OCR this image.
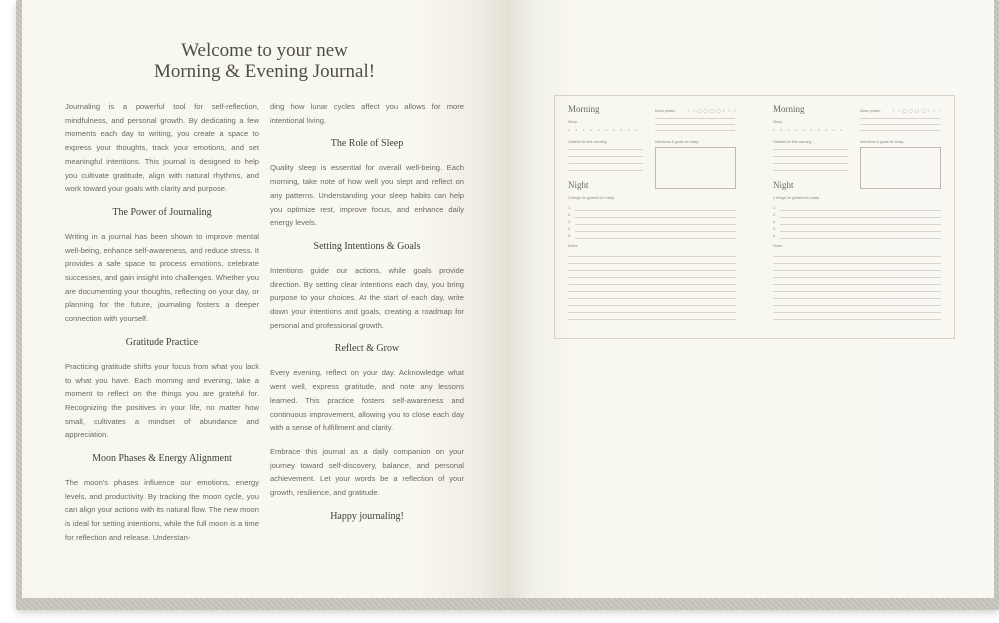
Welcome to your new
Morning & Evening Journal!

Journaling is a powerful tool for self-reflection, mindfulness, and personal growth. By dedicating a few moments each day to writing, you create a space to express your thoughts, track your emotions, and set meaningful intentions. This journal is designed to help you cultivate gratitude, align with natural rhythms, and work toward your goals with clarity and purpose.

The Power of Journaling

Writing in a journal has been shown to improve mental well-being, enhance self-awareness, and reduce stress. It provides a safe space to process emotions, celebrate successes, and gain insight into challenges. Whether you are documenting your thoughts, reflecting on your day, or planning for the future, journaling fosters a deeper connection with yourself.

Gratitude Practice

Practicing gratitude shifts your focus from what you lack to what you have. Each morning and evening, take a moment to reflect on the things you are grateful for. Recognizing the positives in your life, no matter how small, cultivates a mindset of abundance and appreciation.

Moon Phases & Energy Alignment

The moon's phases influence our emotions, energy levels, and productivity. By tracking the moon cycle, you can align your actions with its natural flow. The new moon is ideal for setting intentions, while the full moon is a time for reflection and release. Understan-

ding how lunar cycles affect you allows for more intentional living.

The Role of Sleep

Quality sleep is essential for overall well-being. Each morning, take note of how well you slept and reflect on any patterns. Understanding your sleep habits can help you optimize rest, improve focus, and enhance daily energy levels.

Setting Intentions & Goals

Intentions guide our actions, while goals provide direction. By setting clear intentions each day, you bring purpose to your choices. At the start of each day, write down your intentions and goals, creating a roadmap for personal and professional growth.

Reflect & Grow

Every evening, reflect on your day. Acknowledge what went well, express gratitude, and note any lessons learned. This practice fosters self-awareness and continuous improvement, allowing you to close each day with a sense of fulfillment and clarity.

Embrace this journal as a daily companion on your journey toward self-discovery, balance, and personal achievement. Let your words be a reflection of your growth, resilience, and gratitude.

Happy journaling!
Morning	Moon phase:	☽ ☽ ◯ ◯ ◯ ◯ ☾ ☾ ☾
Sleep
• • • • • • • • • •
Grateful for this morning	Intentions & goals for today
Night
3 things I'm grateful for today
1.
2.
3.
4.
5.
Notes
Morning	Moon phase:	☽ ☽ ◯ ◯ ◯ ◯ ☾ ☾ ☾
Sleep
• • • • • • • • • •
Grateful for this morning	Intentions & goals for today
Night
3 things I'm grateful for today
1.
2.
3.
4.
5.
Notes
